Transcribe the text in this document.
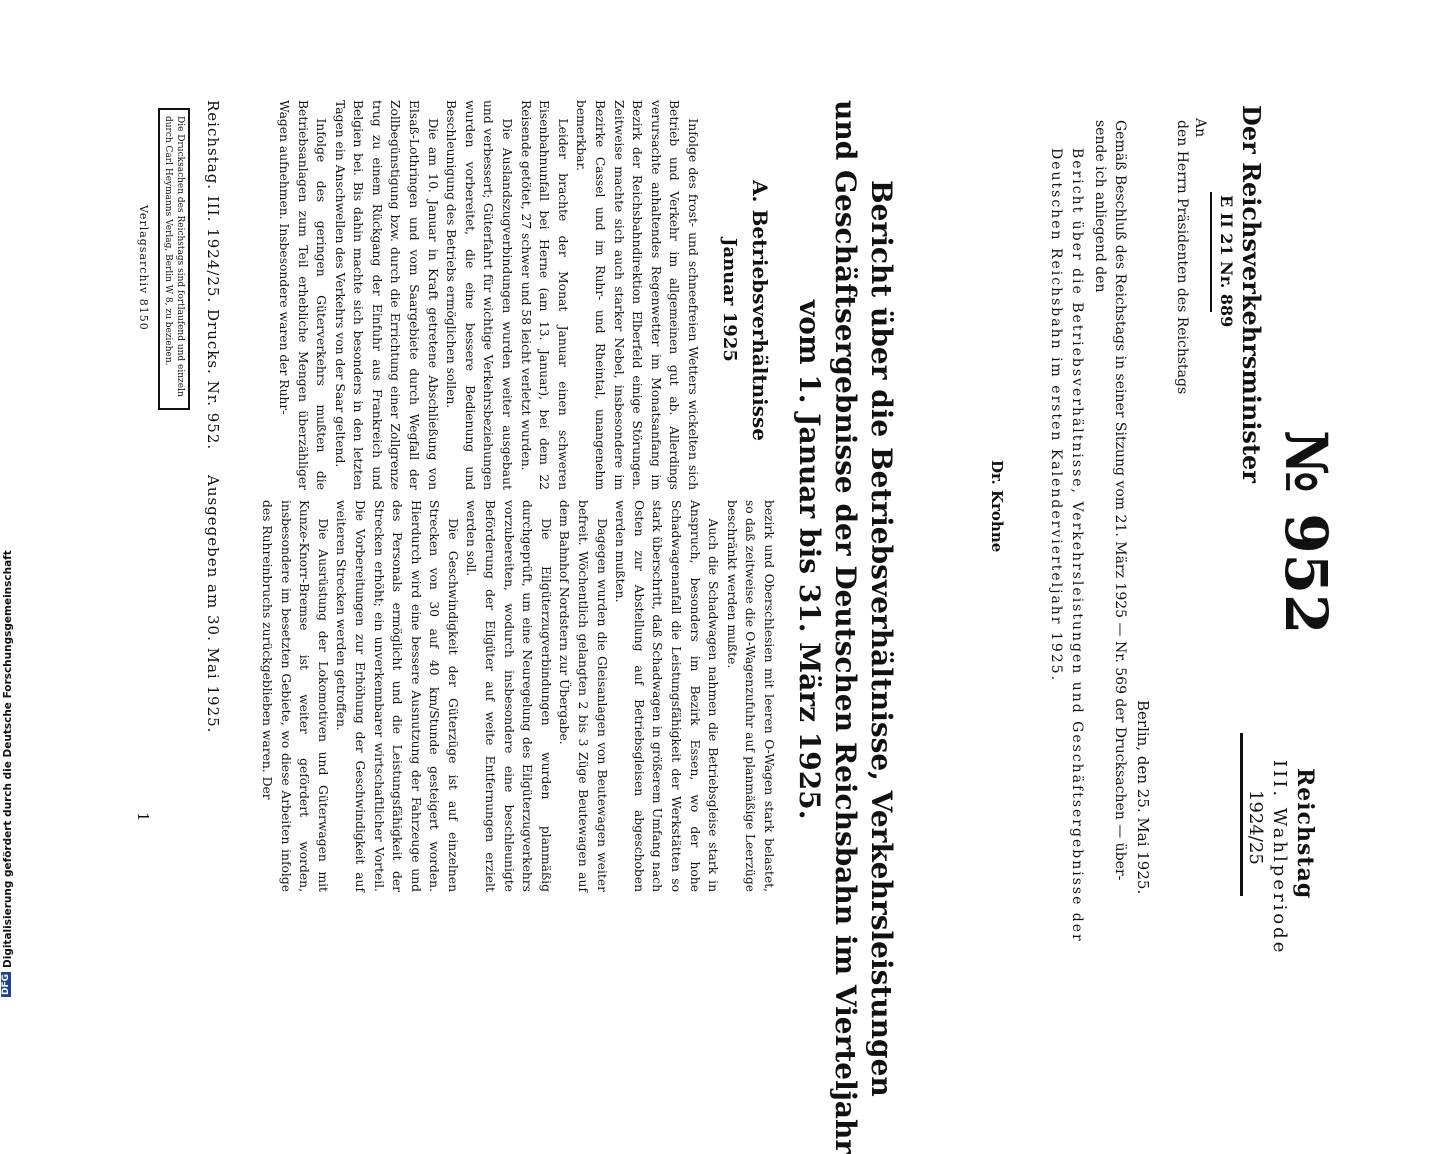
Reichstag
III. Wahlperiode
1924/25
№ 952
Der Reichsverkehrsminister
E II 21 Nr. 889
An
den Herrn Präsidenten des Reichstags
Berlin, den 25. Mai 1925.
Gemäß Beschluß des Reichstags in seiner Sitzung vom 21. März 1925 — Nr. 569 der Drucksachen — über-
sende ich anliegend den
Bericht über die Betriebsverhältnisse, Verkehrsleistungen und Geschäftsergebnisse der
Deutschen Reichsbahn im ersten Kalendervierteljahr 1925.
Dr. Krohne
Bericht über die Betriebsverhältnisse, Verkehrsleistungen
und Geschäftsergebnisse der Deutschen Reichsbahn im Vierteljahr
vom 1. Januar bis 31. März 1925.
A. Betriebsverhältnisse
Januar 1925

Infolge des frost- und schneefreien Wetters wickelten sich Betrieb und Verkehr im allgemeinen gut ab. Allerdings verursachte anhaltendes Regenwetter im Monatsanfang im Bezirk der Reichsbahndirektion Elberfeld einige Störungen. Zeitweise machte sich auch starker Nebel, insbesondere im Bezirke Cassel und im Ruhr- und Rheintal, unangenehm bemerkbar.

Leider brachte der Monat Januar einen schweren Eisenbahnunfall bei Herne (am 13. Januar), bei dem 22 Reisende getötet, 27 schwer und 58 leicht verletzt wurden.

Die Auslandszugverbindungen wurden weiter ausgebaut und verbessert; Güterfahrt für wichtige Verkehrsbeziehungen wurden vorbereitet, die eine bessere Bedienung und Beschleunigung des Betriebs ermöglichen sollen.

Die am 10. Januar in Kraft getretene Abschließung von Elsaß-Lothringen und vom Saargebiete durch Wegfall der Zollbegünstigung bzw. durch die Errichtung einer Zollgrenze trug zu einem Rückgang der Einfuhr aus Frankreich und Belgien bei. Bis dahin machte sich besonders in den letzten Tagen ein Anschwellen des Verkehrs von der Saar geltend.

Infolge des geringen Güterverkehrs mußten die Betriebsanlagen zum Teil erhebliche Mengen überzähliger Wagen aufnehmen. Insbesondere waren der Ruhr-

bezirk und Oberschlesien mit leeren O-Wagen stark belastet, so daß zeitweise die O-Wagenzufuhr auf planmäßige Leerzüge beschränkt werden mußte.

Auch die Schadwagen nahmen die Betriebsgleise stark in Anspruch, besonders im Bezirk Essen, wo der hohe Schadwagenanfall die Leistungsfähigkeit der Werkstätten so stark überschritt, daß Schadwagen in größerem Umfang nach Osten zur Abstellung auf Betriebsgleisen abgeschoben werden mußten.

Dagegen wurden die Gleisanlagen von Beutewagen weiter befreit. Wöchentlich gelangten 2 bis 3 Züge Beutewagen auf dem Bahnhof Nordstern zur Übergabe.

Die Eilgüterzugverbindungen wurden planmäßig durchgeprüft, um eine Neuregelung des Eilgüterzugverkehrs vorzubereiten, wodurch insbesondere eine beschleunigte Beförderung der Eilgüter auf weite Entfernungen erzielt werden soll.

Die Geschwindigkeit der Güterzüge ist auf einzelnen Strecken von 30 auf 40 km/Stunde gesteigert worden. Hierdurch wird eine bessere Ausnutzung der Fahrzeuge und des Personals ermöglicht und die Leistungsfähigkeit der Strecken erhöht; ein unverkennbarer wirtschaftlicher Vorteil. Die Vorbereitungen zur Erhöhung der Geschwindigkeit auf weiteren Strecken werden getroffen.

Die Ausrüstung der Lokomotiven und Güterwagen mit Kunze-Knorr-Bremse ist weiter gefördert worden, insbesondere im besetzten Gebiete, wo diese Arbeiten infolge des Ruhreinbruchs zurückgeblieben waren. Der

Reichstag. III. 1924/25. Drucks. Nr. 952.
Ausgegeben am 30. Mai 1925.
1
Die Drucksachen des Reichstags sind fortlaufend und einzeln durch Carl Heymanns Verlag, Berlin W 8, zu beziehen.
Verlagsarchiv 8150
Digitalisierung gefördert durch die Deutsche Forschungsgemeinschaft
DFG
